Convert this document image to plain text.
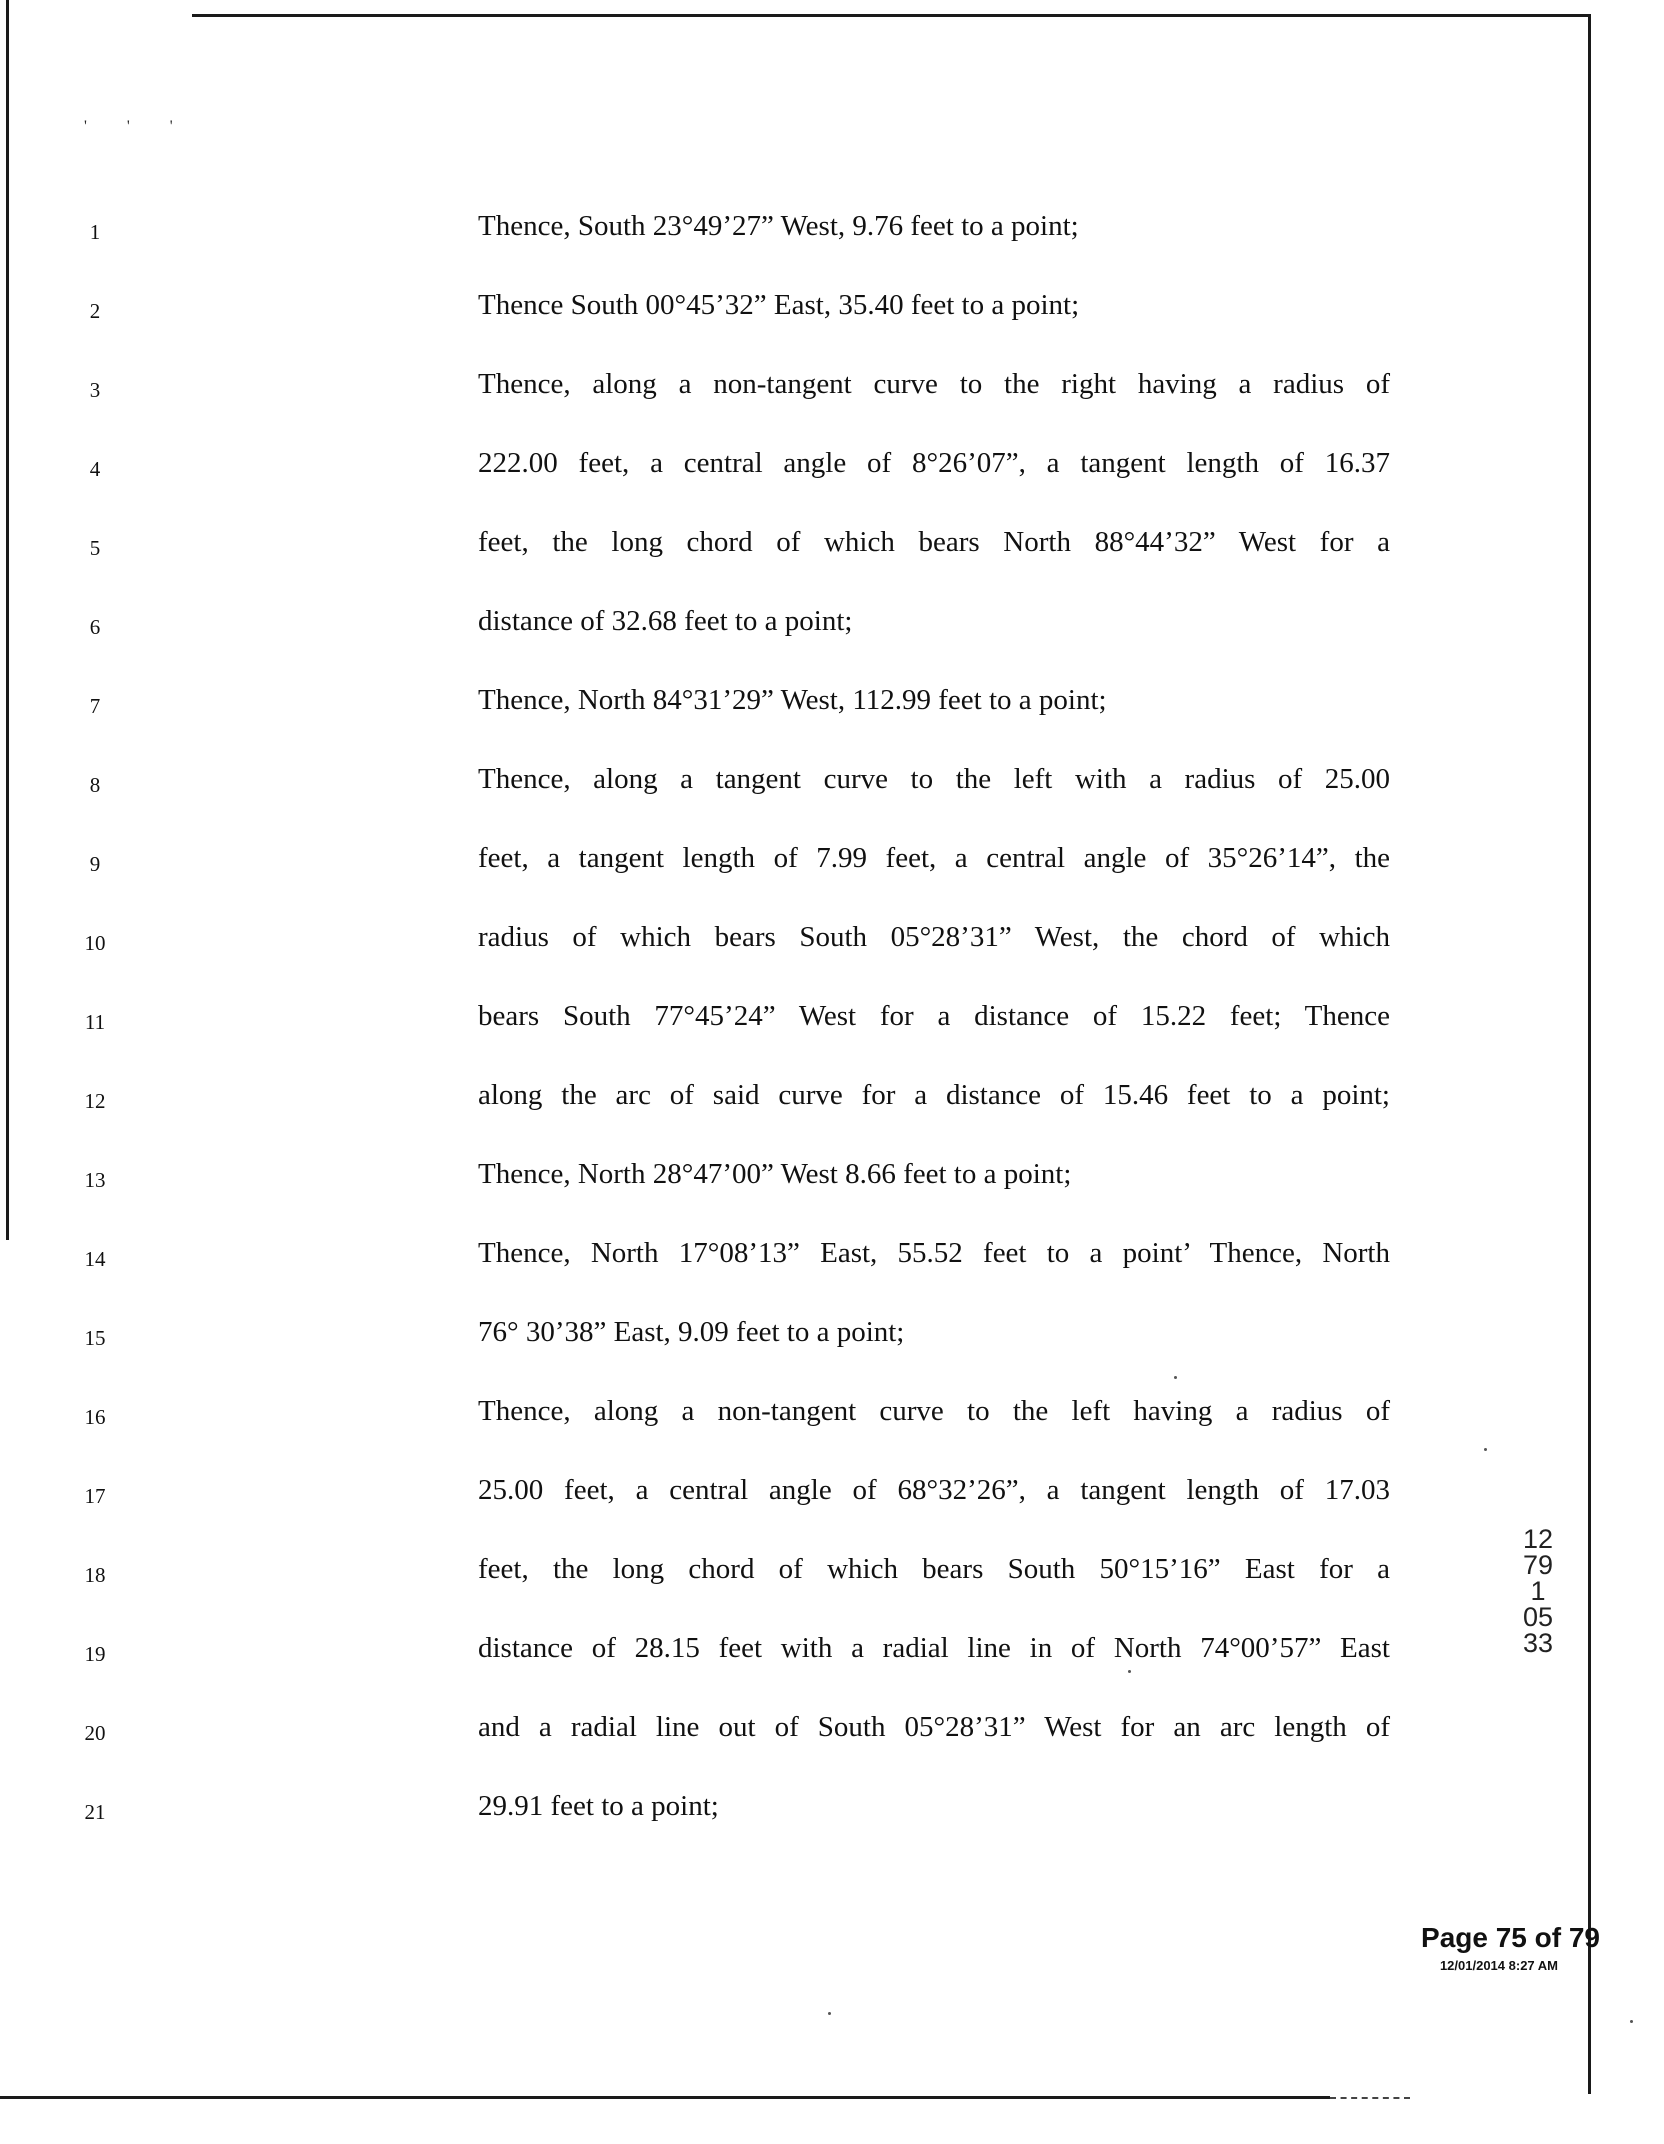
' ' '
1
2
3
4
5
6
7
8
9
10
11
12
13
14
15
16
17
18
19
20
21
Thence, South 23°49’27” West, 9.76 feet to a point;
Thence South 00°45’32” East, 35.40 feet to a point;
Thence, along a non-tangent curve to the right having a radius of
222.00 feet, a central angle of 8°26’07”, a tangent length of 16.37
feet, the long chord of which bears North 88°44’32” West for a
distance of 32.68 feet to a point;
Thence, North 84°31’29” West, 112.99 feet to a point;
Thence, along a tangent curve to the left with a radius of 25.00
feet, a tangent length of 7.99 feet, a central angle of 35°26’14”, the
radius of which bears South 05°28’31” West, the chord of which
bears South 77°45’24” West for a distance of 15.22 feet; Thence
along the arc of said curve for a distance of 15.46 feet to a point;
Thence, North 28°47’00” West 8.66 feet to a point;
Thence, North 17°08’13” East, 55.52 feet to a point’ Thence, North
76° 30’38” East, 9.09 feet to a point;
Thence, along a non-tangent curve to the left having a radius of
25.00 feet, a central angle of 68°32’26”, a tangent length of 17.03
feet, the long chord of which bears South 50°15’16” East for a
distance of 28.15 feet with a radial line in of North 74°00’57” East
and a radial line out of South 05°28’31” West for an arc length of
29.91 feet to a point;
12791 0533
Page 75 of 79
12/01/2014 8:27 AM
